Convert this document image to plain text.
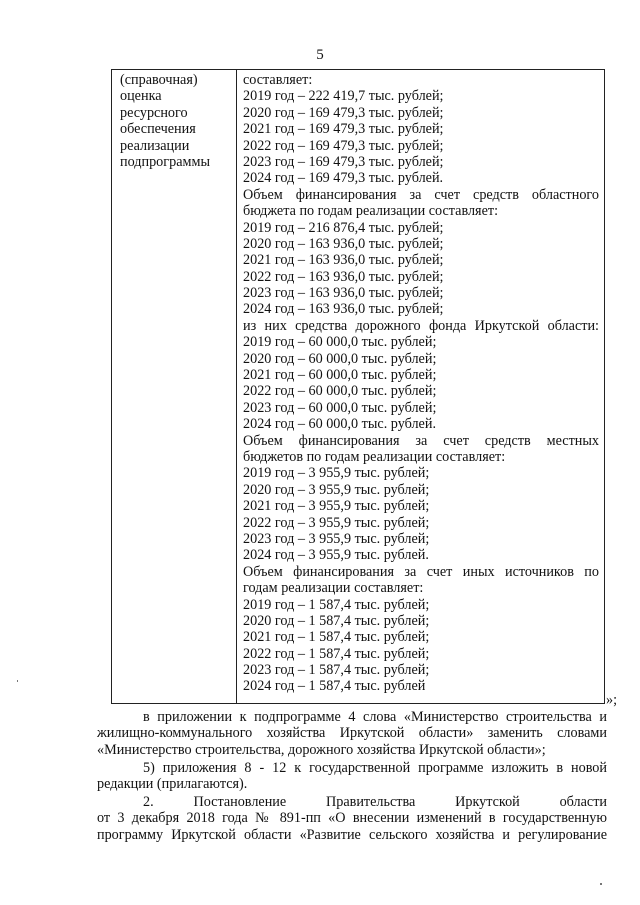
5
(справочная)
оценка
ресурсного
обеспечения
реализации
подпрограммы
составляет:
2019 год – 222 419,7 тыс. рублей;
2020 год – 169 479,3 тыс. рублей;
2021 год – 169 479,3 тыс. рублей;
2022 год – 169 479,3 тыс. рублей;
2023 год – 169 479,3 тыс. рублей;
2024 год – 169 479,3 тыс. рублей.
Объем финансирования за счет средств областного
бюджета по годам реализации составляет:
2019 год – 216 876,4 тыс. рублей;
2020 год – 163 936,0 тыс. рублей;
2021 год – 163 936,0 тыс. рублей;
2022 год – 163 936,0 тыс. рублей;
2023 год – 163 936,0 тыс. рублей;
2024 год – 163 936,0 тыс. рублей;
из них средства дорожного фонда Иркутской области:
2019 год – 60 000,0 тыс. рублей;
2020 год – 60 000,0 тыс. рублей;
2021 год – 60 000,0 тыс. рублей;
2022 год – 60 000,0 тыс. рублей;
2023 год – 60 000,0 тыс. рублей;
2024 год – 60 000,0 тыс. рублей.
Объем финансирования за счет средств местных
бюджетов по годам реализации составляет:
2019 год – 3 955,9 тыс. рублей;
2020 год – 3 955,9 тыс. рублей;
2021 год – 3 955,9 тыс. рублей;
2022 год – 3 955,9 тыс. рублей;
2023 год – 3 955,9 тыс. рублей;
2024 год – 3 955,9 тыс. рублей.
Объем финансирования за счет иных источников по
годам реализации составляет:
2019 год – 1 587,4 тыс. рублей;
2020 год – 1 587,4 тыс. рублей;
2021 год – 1 587,4 тыс. рублей;
2022 год – 1 587,4 тыс. рублей;
2023 год – 1 587,4 тыс. рублей;
2024 год – 1 587,4 тыс. рублей
»;
в приложении к подпрограмме 4 слова «Министерство строительства и
жилищно-коммунального хозяйства Иркутской области» заменить словами
«Министерство строительства, дорожного хозяйства Иркутской области»;
5) приложения 8 - 12 к государственной программе изложить в новой
редакции (прилагаются).
2. Постановление Правительства Иркутской области
от 3 декабря 2018 года № 891-пп «О внесении изменений в государственную
программу Иркутской области «Развитие сельского хозяйства и регулирование
